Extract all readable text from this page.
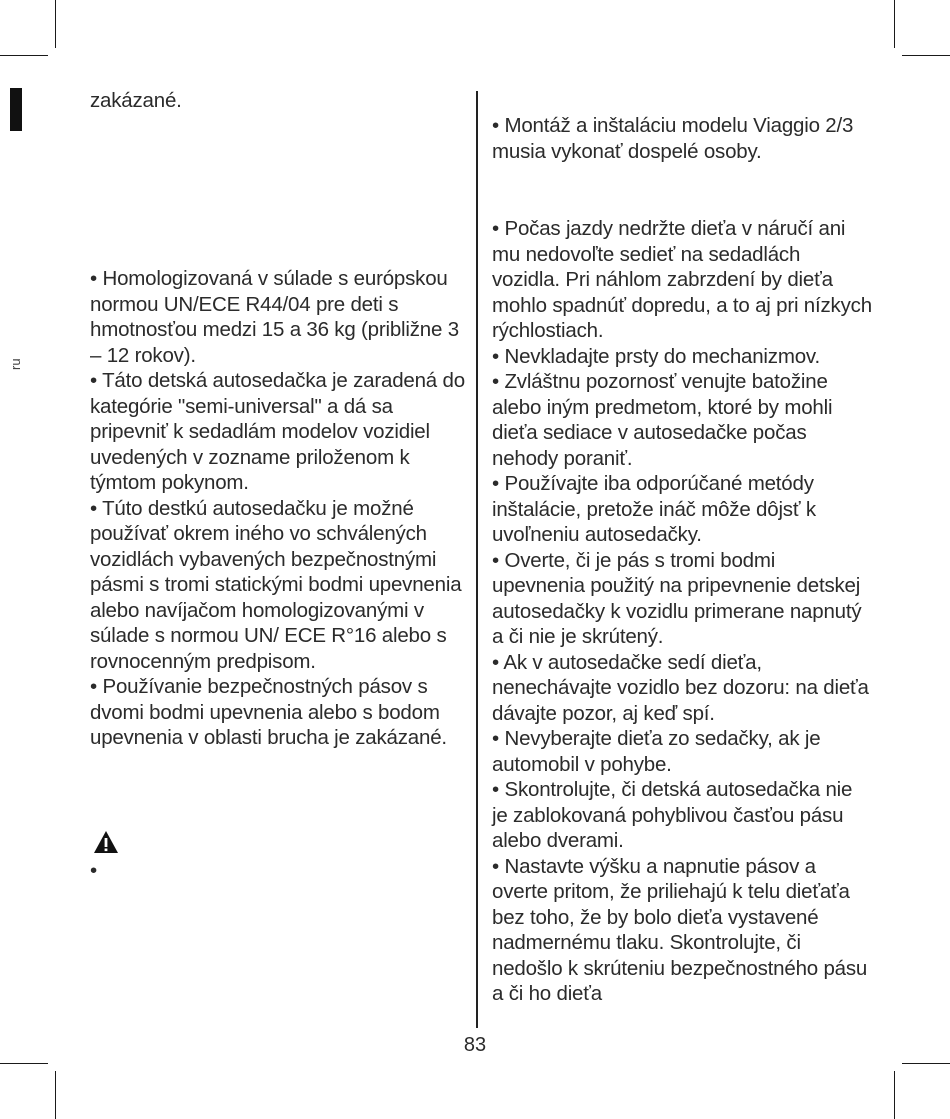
ru

zakázané.

• Homologizovaná v súlade s európskou normou UN/ECE R44/04 pre deti s hmotnosťou medzi 15 a 36 kg (približne 3 – 12 rokov).

• Táto detská autosedačka je zaradená do kategórie "semi-universal" a dá sa pripevniť k sedadlám modelov vozidiel uvedených v zozname priloženom k týmtom pokynom.

• Túto destkú autosedačku je možné používať okrem iného vo schválených vozidlách vybavených bezpečnostnými pásmi s tromi statickými bodmi upevnenia alebo navíjačom homologizovanými v súlade s normou UN/ ECE R°16 alebo s rovnocenným predpisom.

• Používanie bezpečnostných pásov s dvomi bodmi upevnenia alebo s bodom upevnenia v oblasti brucha je zakázané.

•

• Montáž a inštaláciu modelu Viaggio 2/3 musia vykonať dospelé osoby.

• Počas jazdy nedržte dieťa v náručí ani mu nedovoľte sedieť na sedadlách vozidla. Pri náhlom zabrzdení by dieťa mohlo spadnúť dopredu, a to aj pri nízkych rýchlostiach.

• Nevkladajte prsty do mechanizmov.

• Zvláštnu pozornosť venujte batožine alebo iným predmetom, ktoré by mohli dieťa sediace v autosedačke počas nehody poraniť.

• Používajte iba odporúčané metódy inštalácie, pretože ináč môže dôjsť k uvoľneniu autosedačky.

• Overte, či je pás s tromi bodmi upevnenia použitý na pripevnenie detskej autosedačky k vozidlu primerane napnutý a či nie je skrútený.

• Ak v autosedačke sedí dieťa, nenechávajte vozidlo bez dozoru: na dieťa dávajte pozor, aj keď spí.

• Nevyberajte dieťa zo sedačky, ak je automobil v pohybe.

• Skontrolujte, či detská autosedačka nie je zablokovaná pohyblivou časťou pásu alebo dverami.

• Nastavte výšku a napnutie pásov a overte pritom, že priliehajú k telu dieťaťa bez toho, že by bolo dieťa vystavené nadmernému tlaku. Skontrolujte, či nedošlo k skrúteniu bezpečnostného pásu a či ho dieťa

83
